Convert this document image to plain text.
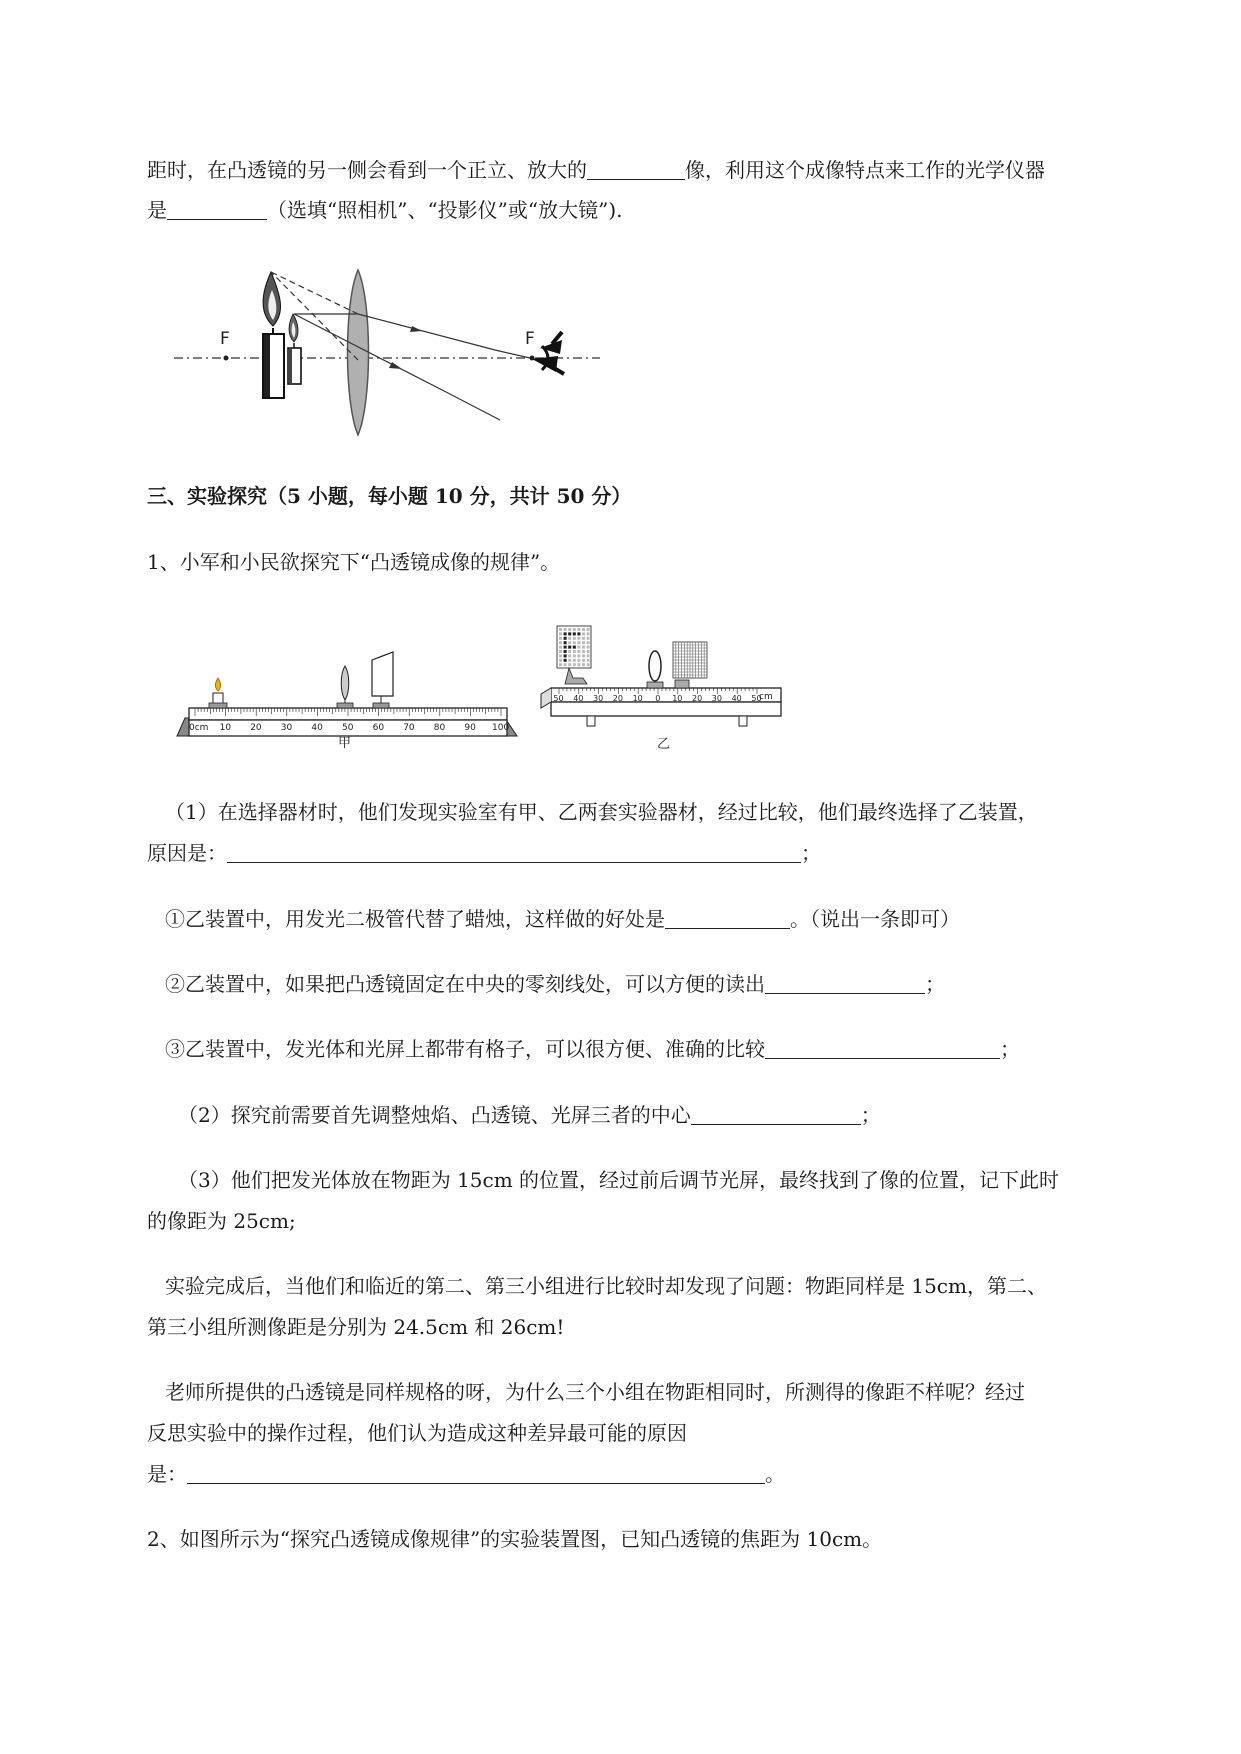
距时，在凸透镜的另一侧会看到一个正立、放大的	像，利用这个成像特点来工作的光学仪器
是	（选填“照相机”、“投影仪”或“放大镜”).
F	F
三、实验探究（5 小题，每小题 10 分，共计 50 分）
1、小军和小民欲探究下“凸透镜成像的规律”。
0cm 10 20 30 40 50 60 70 80 90 100
甲
50 40 30 20 10 0 10 20 30 40 50
cm
乙
（1）在选择器材时，他们发现实验室有甲、乙两套实验器材，经过比较，他们最终选择了乙装置，
原因是：	；
①乙装置中，用发光二极管代替了蜡烛，这样做的好处是	。（说出一条即可）
②乙装置中，如果把凸透镜固定在中央的零刻线处，可以方便的读出	；
③乙装置中，发光体和光屏上都带有格子，可以很方便、准确的比较	；
（2）探究前需要首先调整烛焰、凸透镜、光屏三者的中心	；
（3）他们把发光体放在物距为 15cm 的位置，经过前后调节光屏，最终找到了像的位置，记下此时
的像距为 25cm;
实验完成后，当他们和临近的第二、第三小组进行比较时却发现了问题：物距同样是 15cm，第二、
第三小组所测像距是分别为 24.5cm 和 26cm!
老师所提供的凸透镜是同样规格的呀，为什么三个小组在物距相同时，所测得的像距不样呢？经过
反思实验中的操作过程，他们认为造成这种差异最可能的原因
是：	。
2、如图所示为“探究凸透镜成像规律”的实验装置图，已知凸透镜的焦距为 10cm。
